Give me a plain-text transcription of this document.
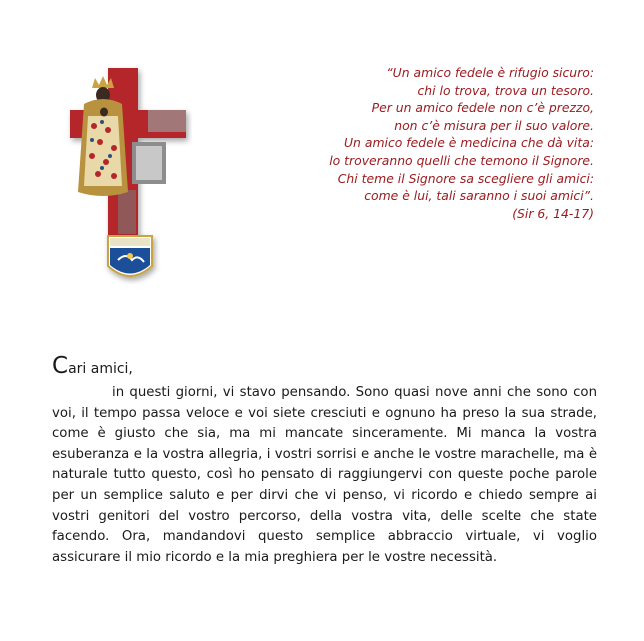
“Un amico fedele è rifugio sicuro:
chi lo trova, trova un tesoro.
Per un amico fedele non c’è prezzo,
non c’è misura per il suo valore.
Un amico fedele è medicina che dà vita:
lo troveranno quelli che temono il Signore.
Chi teme il Signore sa scegliere gli amici:
come è lui, tali saranno i suoi amici”.
(Sir 6, 14-17)
Cari amici,
in questi giorni, vi stavo pensando. Sono quasi nove anni che sono con voi, il tempo passa veloce e voi siete cresciuti e ognuno ha preso la sua strade, come è giusto che sia, ma mi mancate sinceramente. Mi manca la vostra esuberanza e la vostra allegria, i vostri sorrisi e anche le vostre marachelle, ma è naturale tutto questo, così ho pensato di raggiungervi con queste poche parole per un semplice saluto e per dirvi che vi penso, vi ricordo e chiedo sempre ai vostri genitori del vostro percorso, della vostra vita, delle scelte che state facendo. Ora, mandandovi questo semplice abbraccio virtuale, vi voglio assicurare il mio ricordo e la mia preghiera per le vostre necessità.
